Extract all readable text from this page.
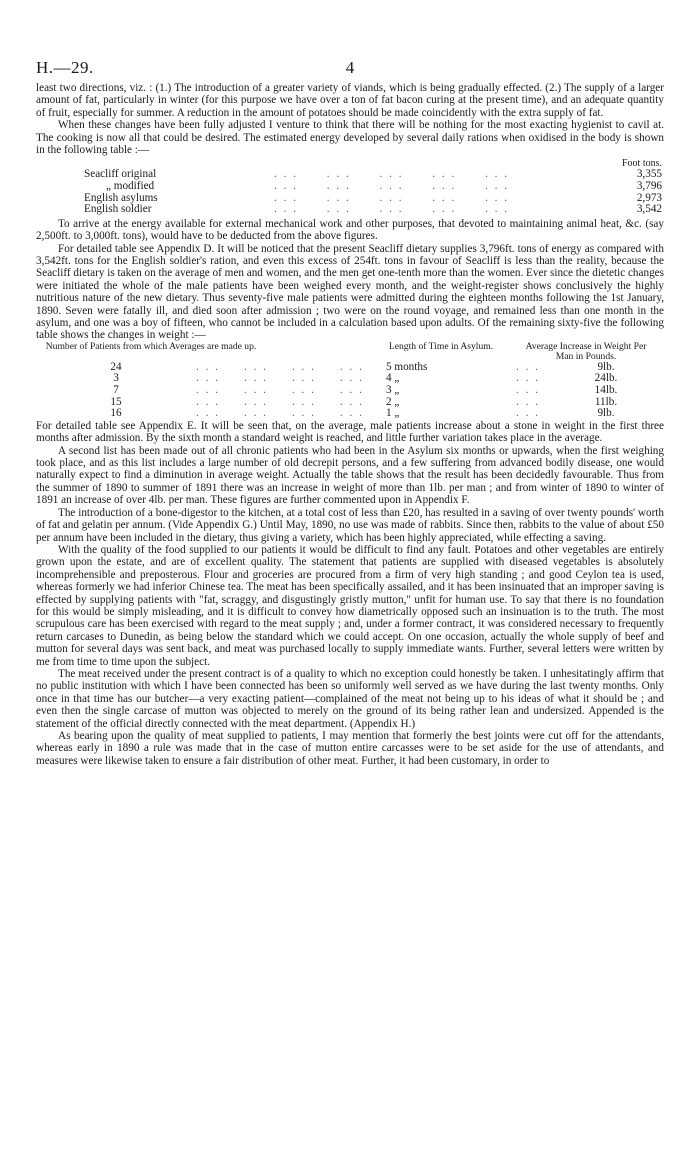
H.—29.	4

least two directions, viz. : (1.) The introduction of a greater variety of viands, which is being gradually effected. (2.) The supply of a larger amount of fat, particularly in winter (for this purpose we have over a ton of fat bacon curing at the present time), and an adequate quantity of fruit, especially for summer. A reduction in the amount of potatoes should be made coincidently with the extra supply of fat.

When these changes have been fully adjusted I venture to think that there will be nothing for the most exacting hygienist to cavil at. The cooking is now all that could be desired. The estimated energy developed by several daily rations when oxidised in the body is shown in the following table :—

Foot tons.
Seacliff original	. . .      . . .      . . .      . . .      . . .	3,355
„ modified	. . .      . . .      . . .      . . .      . . .	3,796
English asylums	. . .      . . .      . . .      . . .      . . .	2,973
English soldier	. . .      . . .      . . .      . . .      . . .	3,542

To arrive at the energy available for external mechanical work and other purposes, that devoted to maintaining animal heat, &c. (say 2,500ft. to 3,000ft. tons), would have to be deducted from the above figures.

For detailed table see Appendix D. It will be noticed that the present Seacliff dietary supplies 3,796ft. tons of energy as compared with 3,542ft. tons for the English soldier's ration, and even this excess of 254ft. tons in favour of Seacliff is less than the reality, because the Seacliff dietary is taken on the average of men and women, and the men get one-tenth more than the women. Ever since the dietetic changes were initiated the whole of the male patients have been weighed every month, and the weight-register shows conclusively the highly nutritious nature of the new dietary. Thus seventy-five male patients were admitted during the eighteen months following the 1st January, 1890. Seven were fatally ill, and died soon after admission ; two were on the round voyage, and remained less than one month in the asylum, and one was a boy of fifteen, who cannot be included in a calculation based upon adults. Of the remaining sixty-five the following table shows the changes in weight :—

Number of Patients from which Averages are made up.	Length of Time in Asylum.	Average Increase in Weight Per Man in Pounds.
24	. . .     . . .     . . .     . . .	5 months	. . .	9lb.
3	. . .     . . .     . . .     . . .	4 „	. . .	24lb.
7	. . .     . . .     . . .     . . .	3 „	. . .	14lb.
15	. . .     . . .     . . .     . . .	2 „	. . .	11lb.
16	. . .     . . .     . . .     . . .	1 „	. . .	9lb.

For detailed table see Appendix E. It will be seen that, on the average, male patients increase about a stone in weight in the first three months after admission. By the sixth month a standard weight is reached, and little further variation takes place in the average.

A second list has been made out of all chronic patients who had been in the Asylum six months or upwards, when the first weighing took place, and as this list includes a large number of old decrepit persons, and a few suffering from advanced bodily disease, one would naturally expect to find a diminution in average weight. Actually the table shows that the result has been decidedly favourable. Thus from the summer of 1890 to summer of 1891 there was an increase in weight of more than 1lb. per man ; and from winter of 1890 to winter of 1891 an increase of over 4lb. per man. These figures are further commented upon in Appendix F.

The introduction of a bone-digestor to the kitchen, at a total cost of less than £20, has resulted in a saving of over twenty pounds' worth of fat and gelatin per annum. (Vide Appendix G.) Until May, 1890, no use was made of rabbits. Since then, rabbits to the value of about £50 per annum have been included in the dietary, thus giving a variety, which has been highly appreciated, while effecting a saving.

With the quality of the food supplied to our patients it would be difficult to find any fault. Potatoes and other vegetables are entirely grown upon the estate, and are of excellent quality. The statement that patients are supplied with diseased vegetables is absolutely incomprehensible and preposterous. Flour and groceries are procured from a firm of very high standing ; and good Ceylon tea is used, whereas formerly we had inferior Chinese tea. The meat has been specifically assailed, and it has been insinuated that an improper saving is effected by supplying patients with "fat, scraggy, and disgustingly gristly mutton," unfit for human use. To say that there is no foundation for this would be simply misleading, and it is difficult to convey how diametrically opposed such an insinuation is to the truth. The most scrupulous care has been exercised with regard to the meat supply ; and, under a former contract, it was considered necessary to frequently return carcases to Dunedin, as being below the standard which we could accept. On one occasion, actually the whole supply of beef and mutton for several days was sent back, and meat was purchased locally to supply immediate wants. Further, several letters were written by me from time to time upon the subject.

The meat received under the present contract is of a quality to which no exception could honestly be taken. I unhesitatingly affirm that no public institution with which I have been connected has been so uniformly well served as we have during the last twenty months. Only once in that time has our butcher—a very exacting patient—complained of the meat not being up to his ideas of what it should be ; and even then the single carcase of mutton was objected to merely on the ground of its being rather lean and undersized. Appended is the statement of the official directly connected with the meat department. (Appendix H.)

As bearing upon the quality of meat supplied to patients, I may mention that formerly the best joints were cut off for the attendants, whereas early in 1890 a rule was made that in the case of mutton entire carcasses were to be set aside for the use of attendants, and measures were likewise taken to ensure a fair distribution of other meat. Further, it had been customary, in order to
